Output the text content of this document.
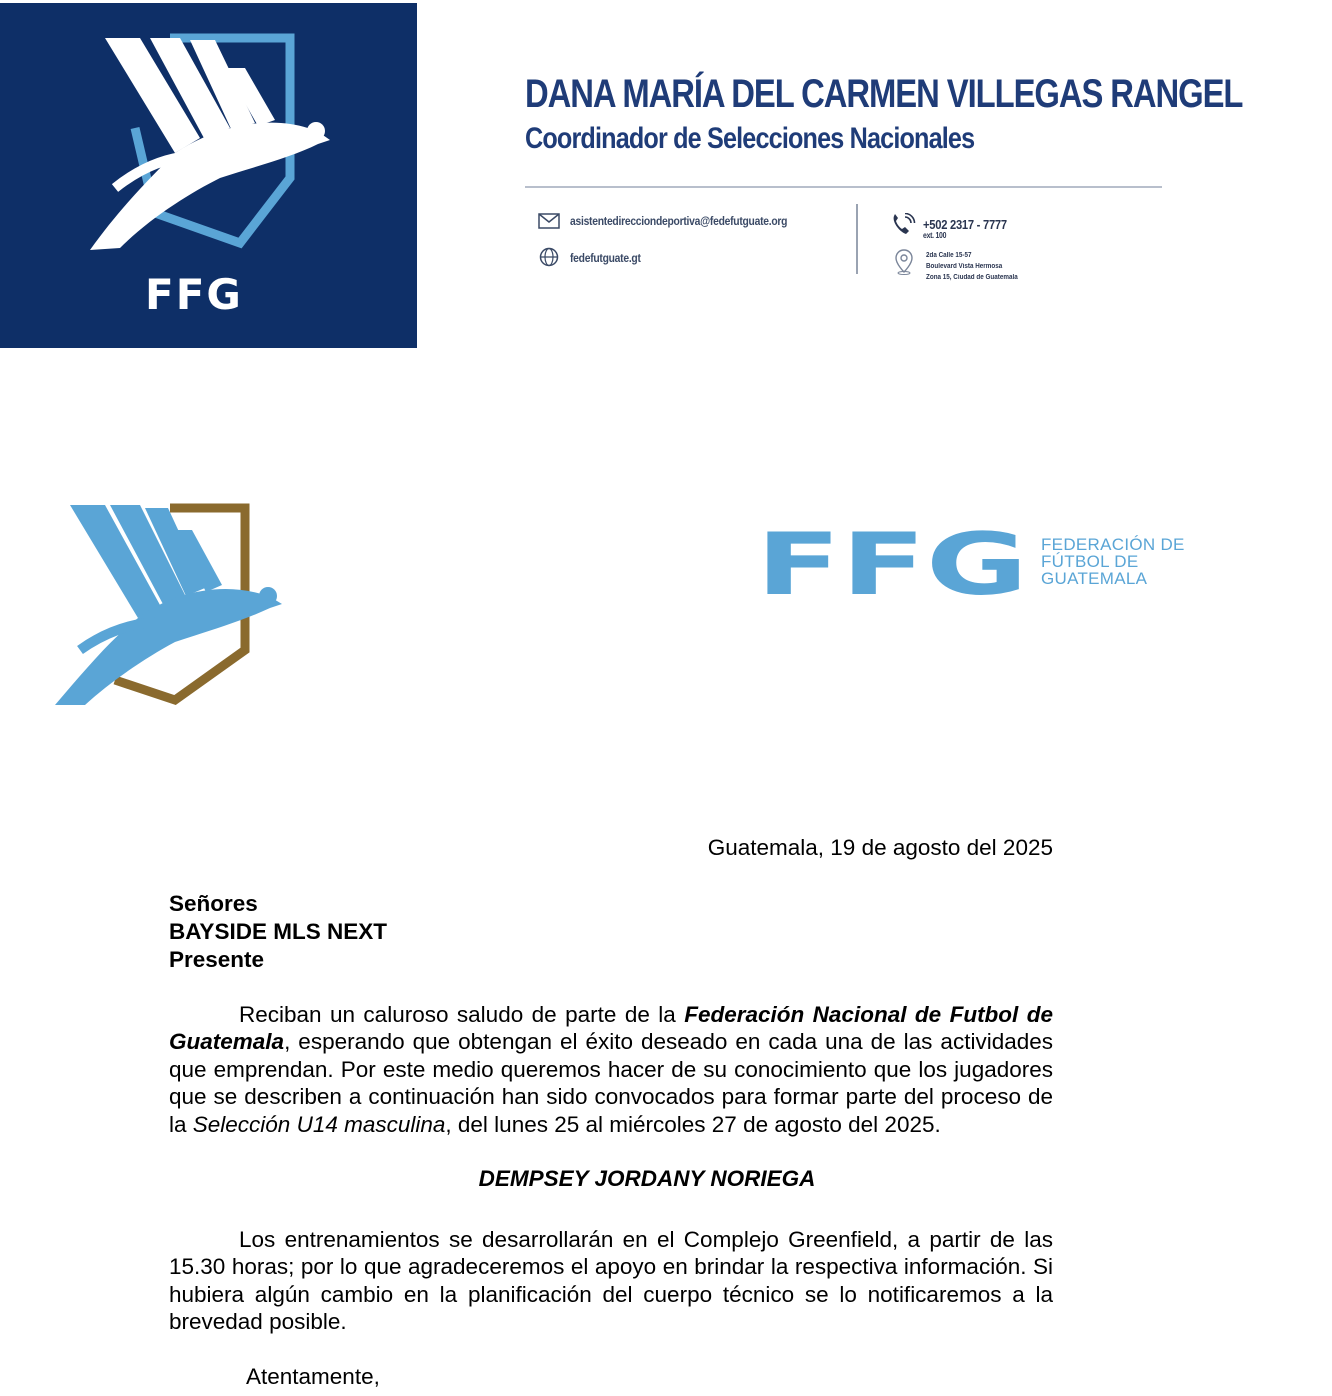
FFG
DANA MARÍA DEL CARMEN VILLEGAS RANGEL
Coordinador de Selecciones Nacionales
asistentedirecciondeportiva@fedefutguate.org
fedefutguate.gt
+502 2317 - 7777
ext. 100
2da Calle 15-57
Boulevard Vista Hermosa
Zona 15, Ciudad de Guatemala
FFG FEDERACIÓN DE
FÚTBOL DE
GUATEMALA
Guatemala, 19 de agosto del 2025
Señores
BAYSIDE MLS NEXT
Presente
Reciban un caluroso saludo de parte de la Federación Nacional de Futbol de Guatemala, esperando que obtengan el éxito deseado en cada una de las actividades que emprendan. Por este medio queremos hacer de su conocimiento que los jugadores que se describen a continuación han sido convocados para formar parte del proceso de la Selección U14 masculina, del lunes 25 al miércoles 27 de agosto del 2025.
DEMPSEY JORDANY NORIEGA
Los entrenamientos se desarrollarán en el Complejo Greenfield, a partir de las 15.30 horas; por lo que agradeceremos el apoyo en brindar la respectiva información. Si hubiera algún cambio en la planificación del cuerpo técnico se lo notificaremos a la brevedad posible.
Atentamente,
